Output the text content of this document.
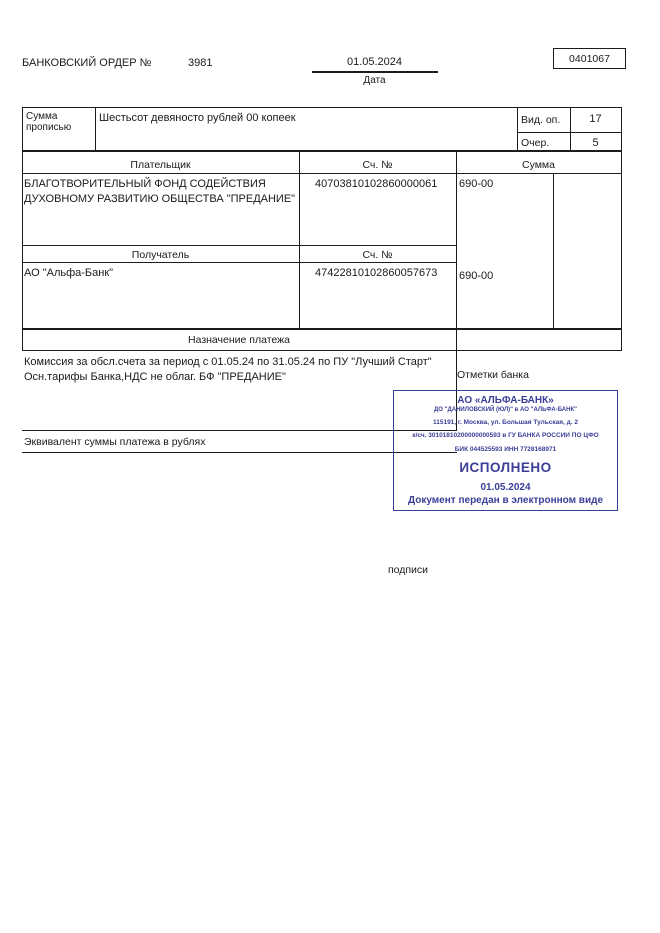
БАНКОВСКИЙ ОРДЕР №	3981	01.05.2024
Дата
0401067
Сумма прописью
Шестьсот девяносто рублей 00 копеек	Вид. оп.	17
Очер.	5
Плательщик	Сч. №	Сумма
БЛАГОТВОРИТЕЛЬНЫЙ ФОНД СОДЕЙСТВИЯ
ДУХОВНОМУ РАЗВИТИЮ ОБЩЕСТВА "ПРЕДАНИЕ"
40703810102860000061 690-00
Получатель	Сч. №
АО "Альфа-Банк"	47422810102860057673 690-00
Назначение платежа
Комиссия за обсл.счета за период с 01.05.24 по 31.05.24 по ПУ "Лучший Старт"
Осн.тарифы Банка,НДС не облаг. БФ "ПРЕДАНИЕ"	Отметки банка
АО «АЛЬФА-БАНК»
ДО "ДАНИЛОВСКИЙ (ЮЛ)" в АО "АЛЬФА-БАНК"
115191, г. Москва, ул. Большая Тульская, д. 2
к/сч. 30101810200000000593 в ГУ БАНКА РОССИИ ПО ЦФО
БИК 044525593 ИНН 7728168971
ИСПОЛНЕНО
01.05.2024
Документ передан в электронном виде
Эквивалент суммы платежа в рублях
подписи
